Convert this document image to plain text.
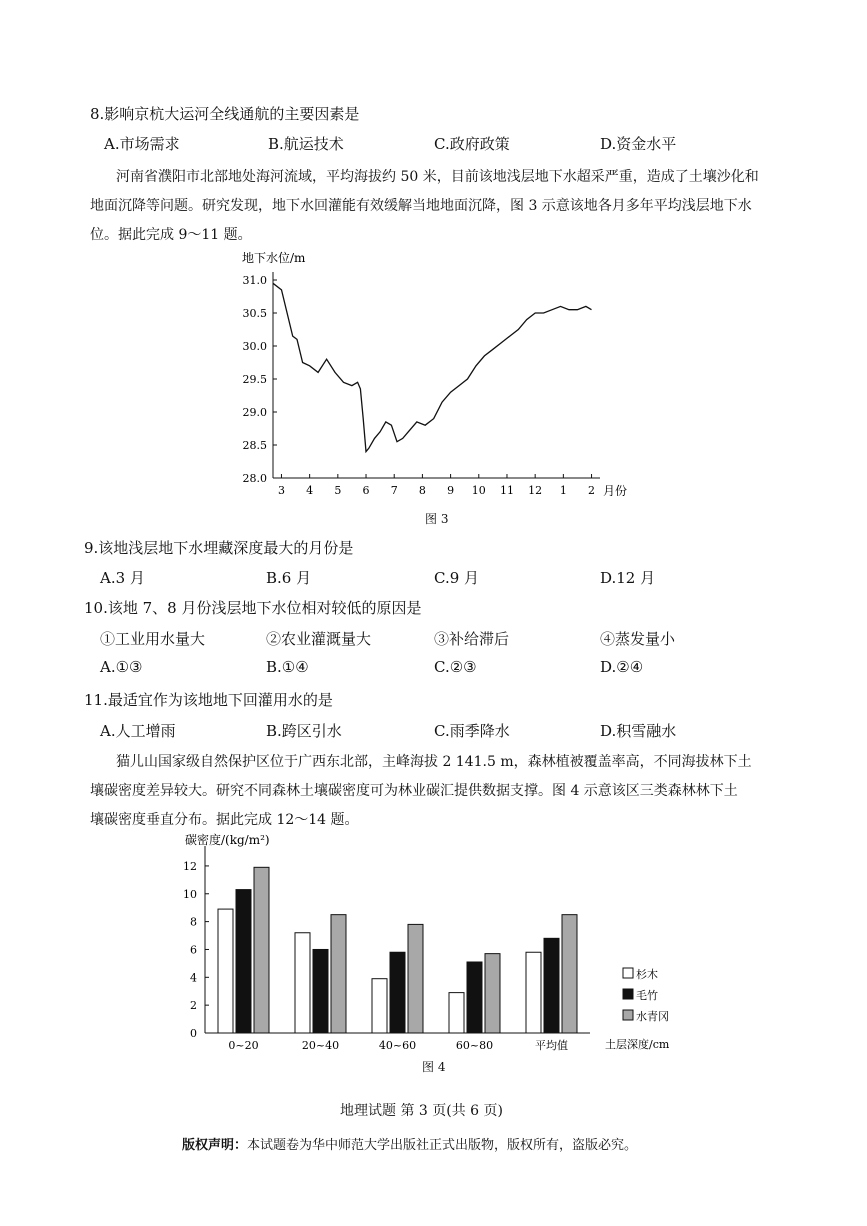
8.影响京杭大运河全线通航的主要因素是
A.市场需求	B.航运技术	C.政府政策	D.资金水平
河南省濮阳市北部地处海河流域，平均海拔约 50 米，目前该地浅层地下水超采严重，造成了土壤沙化和
地面沉降等问题。研究发现，地下水回灌能有效缓解当地地面沉降，图 3 示意该地各月多年平均浅层地下水
位。据此完成 9～11 题。
地下水位/m
月份
31.0
30.5
30.0
29.5
29.0
28.5
28.0
3 4 5 6 7 8 9 10 11 12 1 2
图 3
9.该地浅层地下水埋藏深度最大的月份是
A.3 月	B.6 月	C.9 月	D.12 月
10.该地 7、8 月份浅层地下水位相对较低的原因是
①工业用水量大	②农业灌溉量大	③补给滞后	④蒸发量小
A.①③	B.①④	C.②③	D.②④
11.最适宜作为该地地下回灌用水的是
A.人工增雨	B.跨区引水	C.雨季降水	D.积雪融水
猫儿山国家级自然保护区位于广西东北部，主峰海拔 2 141.5 m，森林植被覆盖率高，不同海拔林下土
壤碳密度差异较大。研究不同森林土壤碳密度可为林业碳汇提供数据支撑。图 4 示意该区三类森林林下土
壤碳密度垂直分布。据此完成 12～14 题。
碳密度/(kg/m²)
土层深度/cm
12
10
8
6
4
2
0
0~20	20~40	40~60	60~80	平均值
杉木
毛竹
水青冈
图 4
地理试题 第 3 页(共 6 页)
版权声明：本试题卷为华中师范大学出版社正式出版物，版权所有，盗版必究。
